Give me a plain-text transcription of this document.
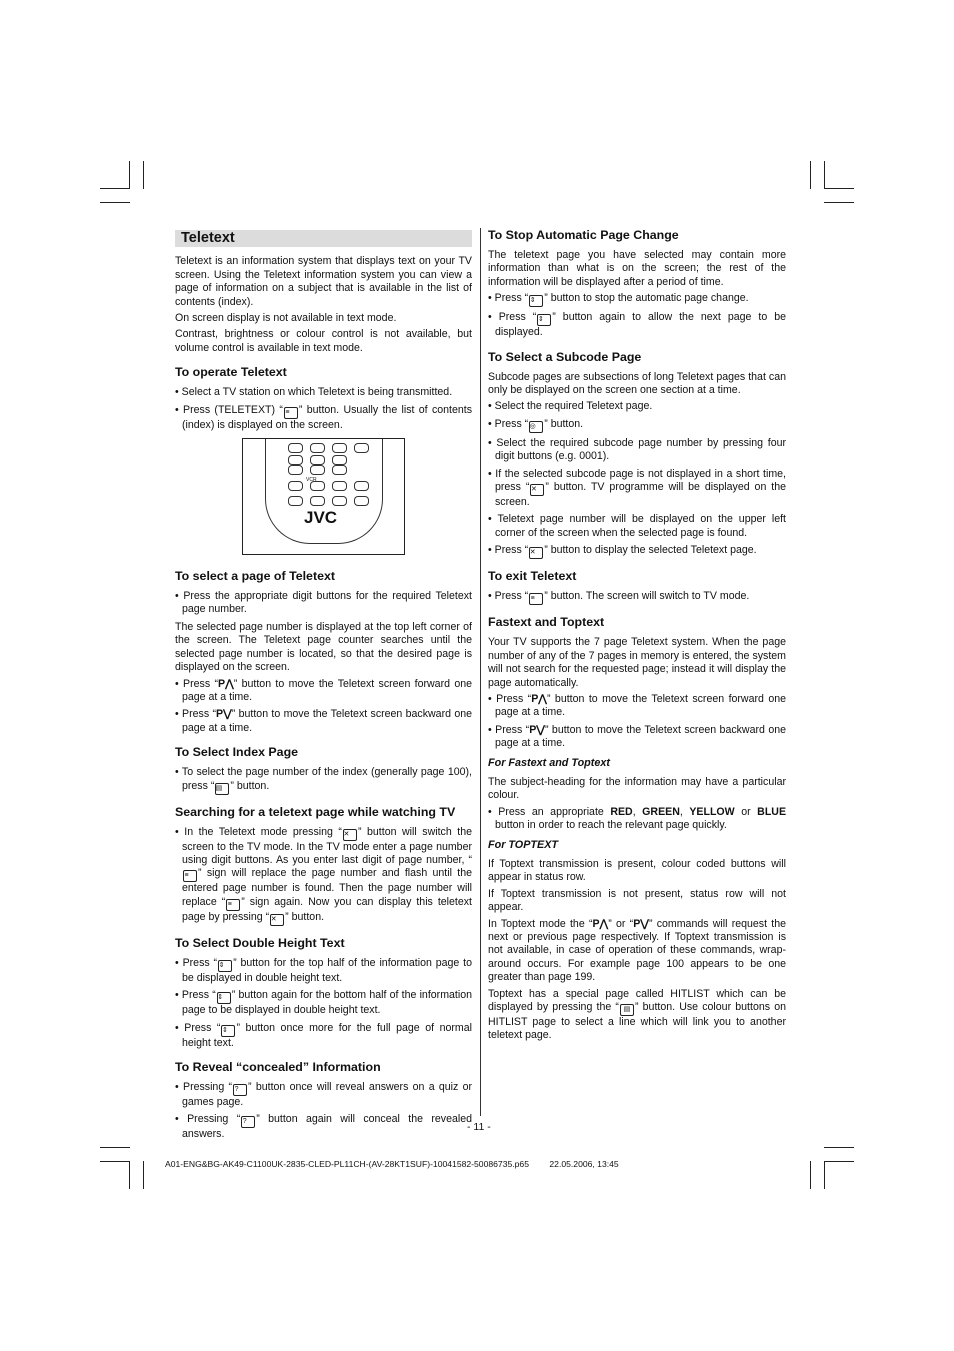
Teletext

Teletext is an information system that displays text on your TV screen. Using the Teletext information system you can view a page of information on a subject that is available in the list of contents (index).

On screen display is not available in text mode.

Contrast, brightness or colour control is not available, but volume control is available in text mode.

To operate Teletext
• Select a TV station on which Teletext is being transmitted.
• Press (TELETEXT) “ ≡ ” button. Usually the list of contents (index) is displayed on the screen.
VCR
JVC
To select a page of Teletext
• Press the appropriate digit buttons for the required Teletext page number.

The selected page number is displayed at the top left corner of the screen. The Teletext page counter searches until the selected page number is located, so that the desired page is displayed on the screen.

• Press “P⋀” button to move the Teletext screen forward one page at a time.
• Press “P⋁” button to move the Teletext screen backward one page at a time.
To Select Index Page
• To select the page number of the index (generally page 100), press “▤ ” button.
Searching for a teletext page while watching TV
• In the Teletext mode pressing “ ✕ ” button will switch the screen to the TV mode. In the TV mode enter a page number using digit buttons. As you enter last digit of page number, “≡ ” sign will replace the page number and flash until the entered page number is found. Then the page number will replace “ ≡ ” sign again. Now you can display this teletext page by pressing “ ✕ ” button.
To Select Double Height Text
• Press “ ⇕ ” button for the top half of the information page to be displayed in double height text.
• Press “ ⇕ ” button again for the bottom half of the information page to be displayed in double height text.
• Press “ ⇕ ” button once more for the full page of normal height text.
To Reveal “concealed” Information
• Pressing “ ? ” button once will reveal answers on a quiz or games page.
• Pressing “ ? ” button again will conceal the revealed answers.
To Stop Automatic Page Change

The teletext page you have selected may contain more information than what is on the screen; the rest of the information will be displayed after a period of time.

• Press “ ⇕ ” button to stop the automatic page change.
• Press “ ⇕ ” button again to allow the next page to be displayed.
To Select a Subcode Page

Subcode pages are subsections of long Teletext pages that can only be displayed on the screen one section at a time.

• Select the required Teletext page.
• Press “◎ ” button.
• Select the required subcode page number by pressing four digit buttons (e.g. 0001).
• If the selected subcode page is not displayed in a short time, press “ ✕ ” button. TV programme will be displayed on the screen.
• Teletext page number will be displayed on the upper left corner of the screen when the selected page is found.
• Press “ ✕ ” button to display the selected Teletext page.
To exit Teletext
• Press “ ≡ ” button. The screen will switch to TV mode.
Fastext and Toptext

Your TV supports the 7 page Teletext system. When the page number of any of the 7 pages in memory is entered, the system will not search for the requested page; instead it will display the page automatically.

• Press “P⋀” button to move the Teletext screen forward one page at a time.
• Press “P⋁” button to move the Teletext screen backward one page at a time.
For Fastext and Toptext

The subject-heading for the information may have a particular colour.

• Press an appropriate RED, GREEN, YELLOW or BLUE button in order to reach the relevant page quickly.
For TOPTEXT

If Toptext transmission is present, colour coded buttons will appear in status row.

If Toptext transmission is not present, status row will not appear.

In Toptext mode the “P⋀” or “P⋁” commands will request the next or previous page respectively. If Toptext transmission is not available, in case of operation of these commands, wrap-around occurs. For example page 100 appears to be one greater than page 199.

Toptext has a special page called HITLIST which can be displayed by pressing the “ ▤ ” button. Use colour buttons on HITLIST page to select a line which will link you to another teletext page.

- 11 -
A01-ENG&BG-AK49-C1100UK-2835-CLED-PL11CH-(AV-28KT1SUF)-10041582-50086735.p65 22.05.2006, 13:45
